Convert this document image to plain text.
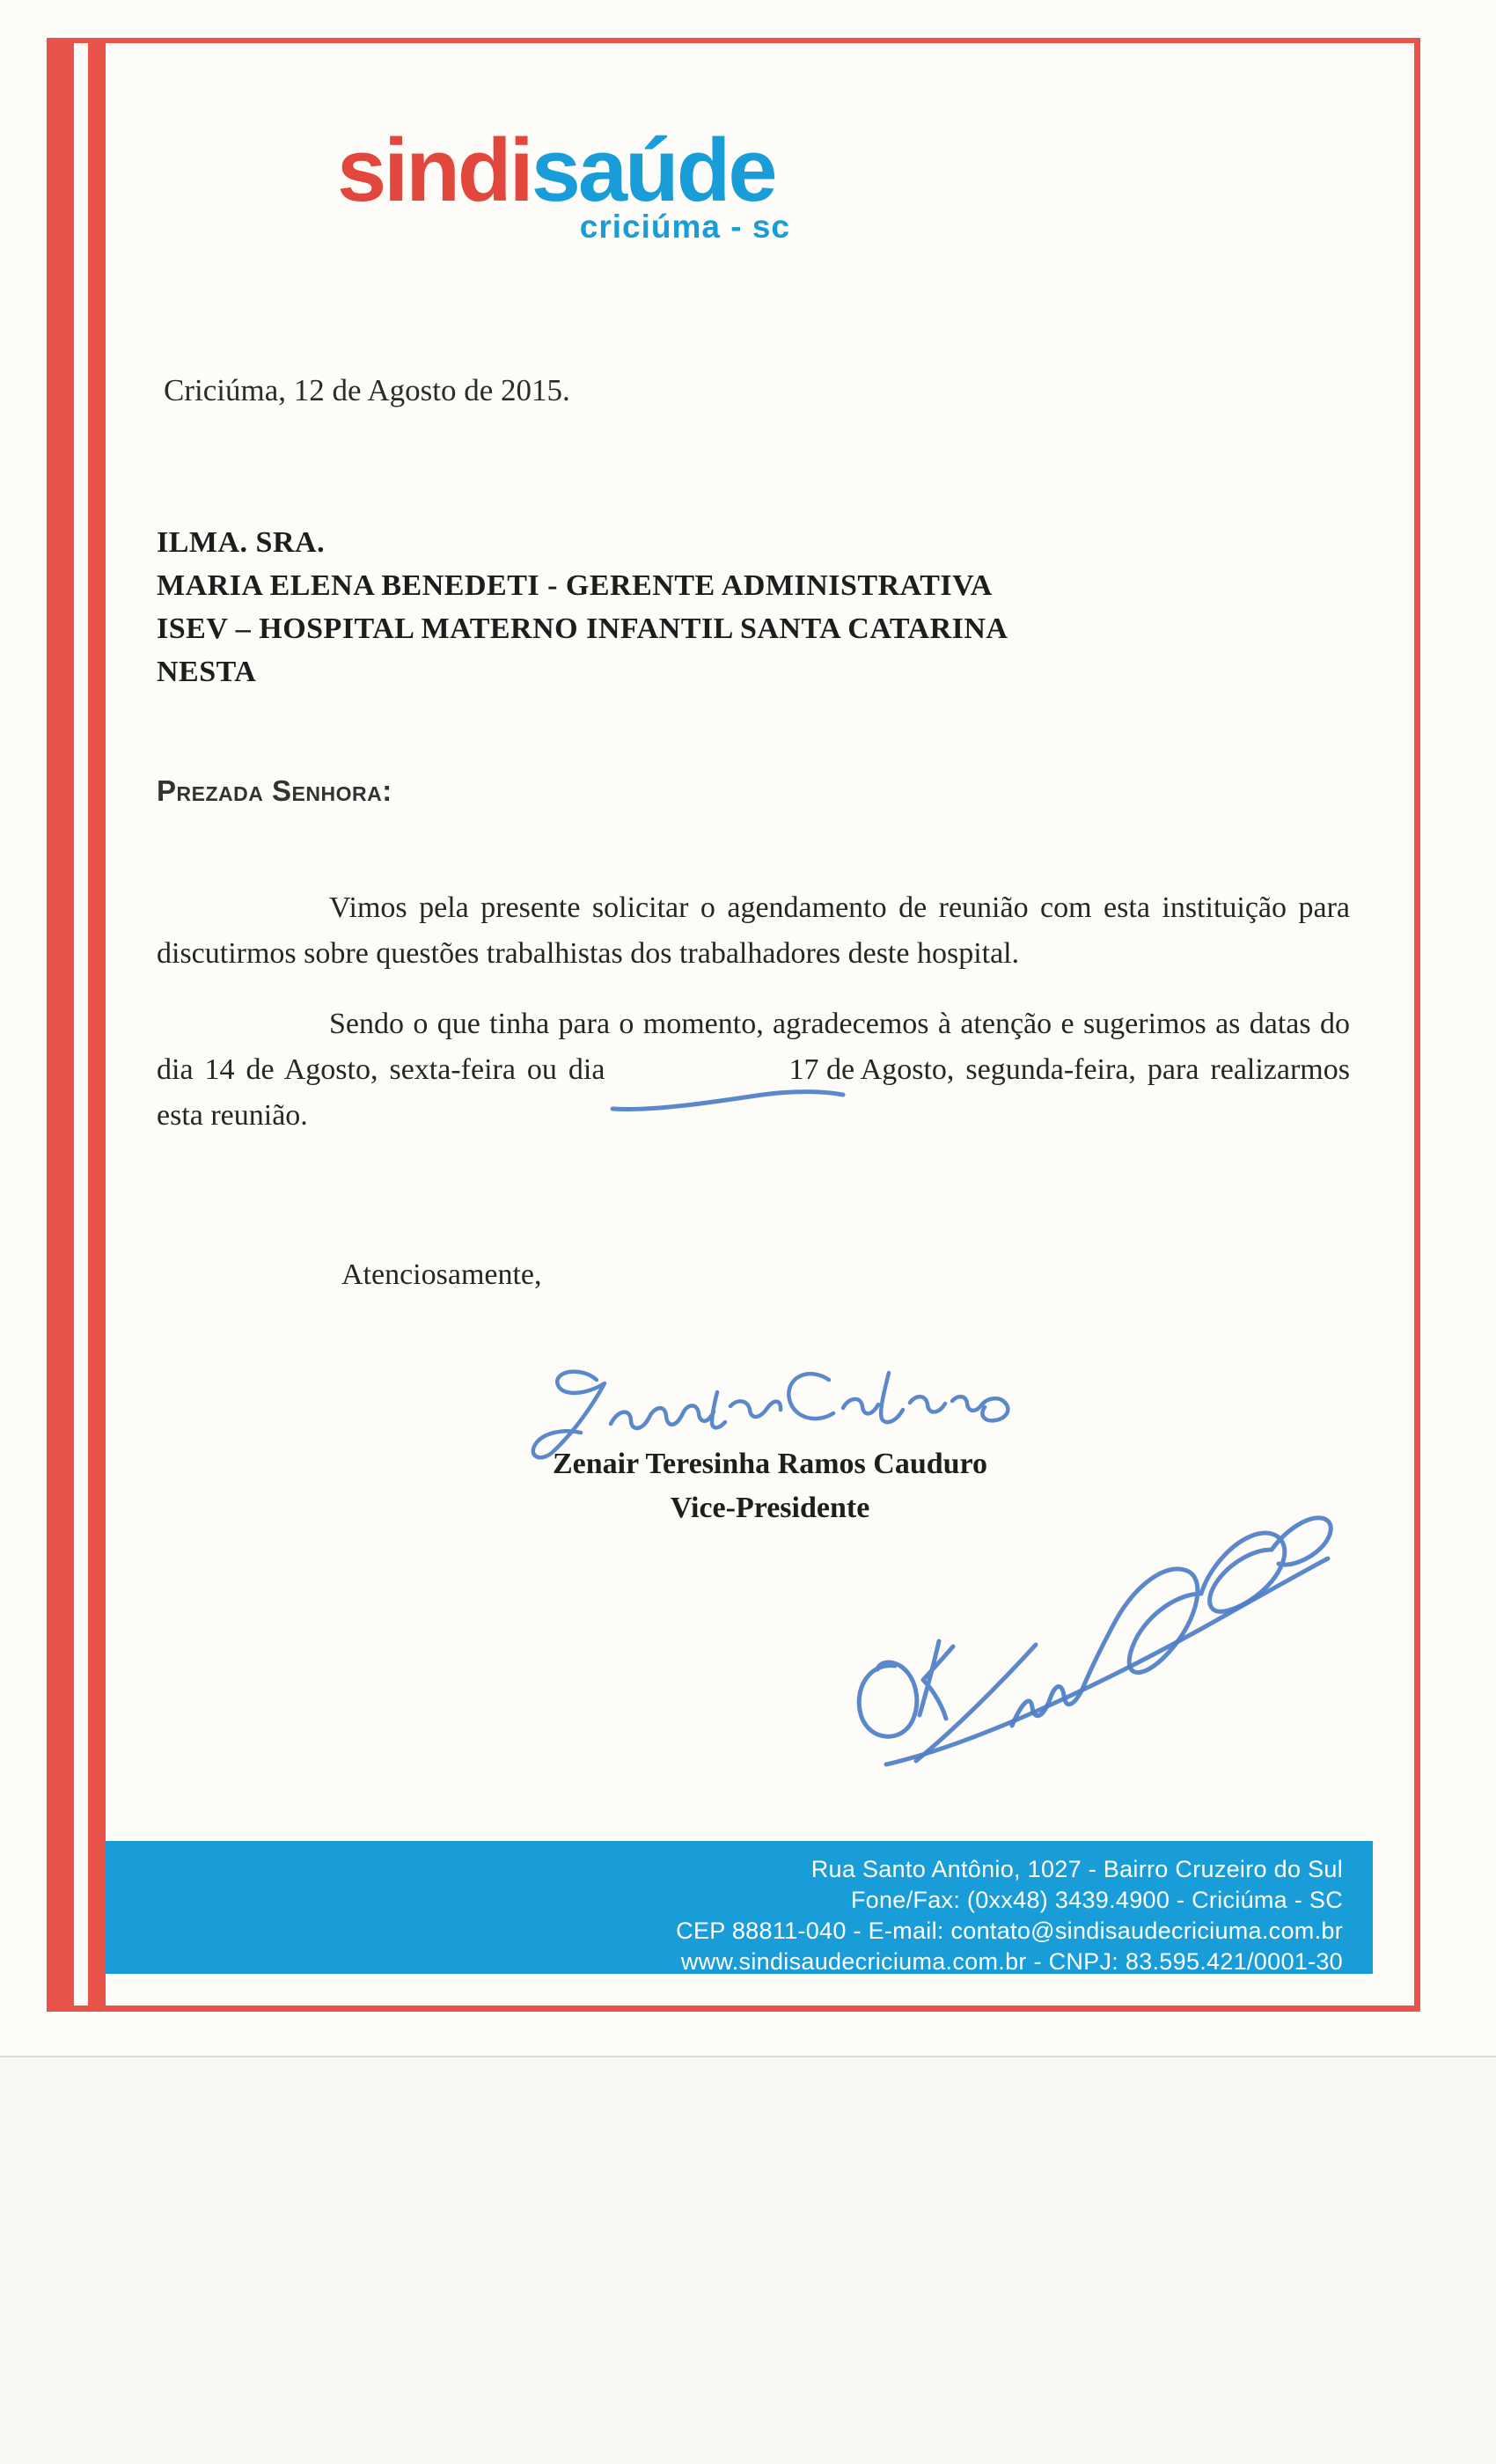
sindisaúde
criciúma - sc
Criciúma, 12 de Agosto de 2015.
ILMA. SRA.
MARIA ELENA BENEDETI - GERENTE ADMINISTRATIVA
ISEV – HOSPITAL MATERNO INFANTIL SANTA CATARINA
NESTA
Prezada Senhora:

Vimos pela presente solicitar o agendamento de reunião com esta instituição para discutirmos sobre questões trabalhistas dos trabalhadores deste hospital.

Sendo o que tinha para o momento, agradecemos à atenção e sugerimos as datas do dia 14 de Agosto, sexta-feira ou dia	17 de Agosto,
segunda-feira, para realizarmos esta reunião.

Atenciosamente,
Zenair Teresinha Ramos Cauduro
Vice-Presidente
Rua Santo Antônio, 1027 - Bairro Cruzeiro do Sul
Fone/Fax: (0xx48) 3439.4900 - Criciúma - SC
CEP 88811-040 - E-mail: contato@sindisaudecriciuma.com.br
www.sindisaudecriciuma.com.br - CNPJ: 83.595.421/0001-30
